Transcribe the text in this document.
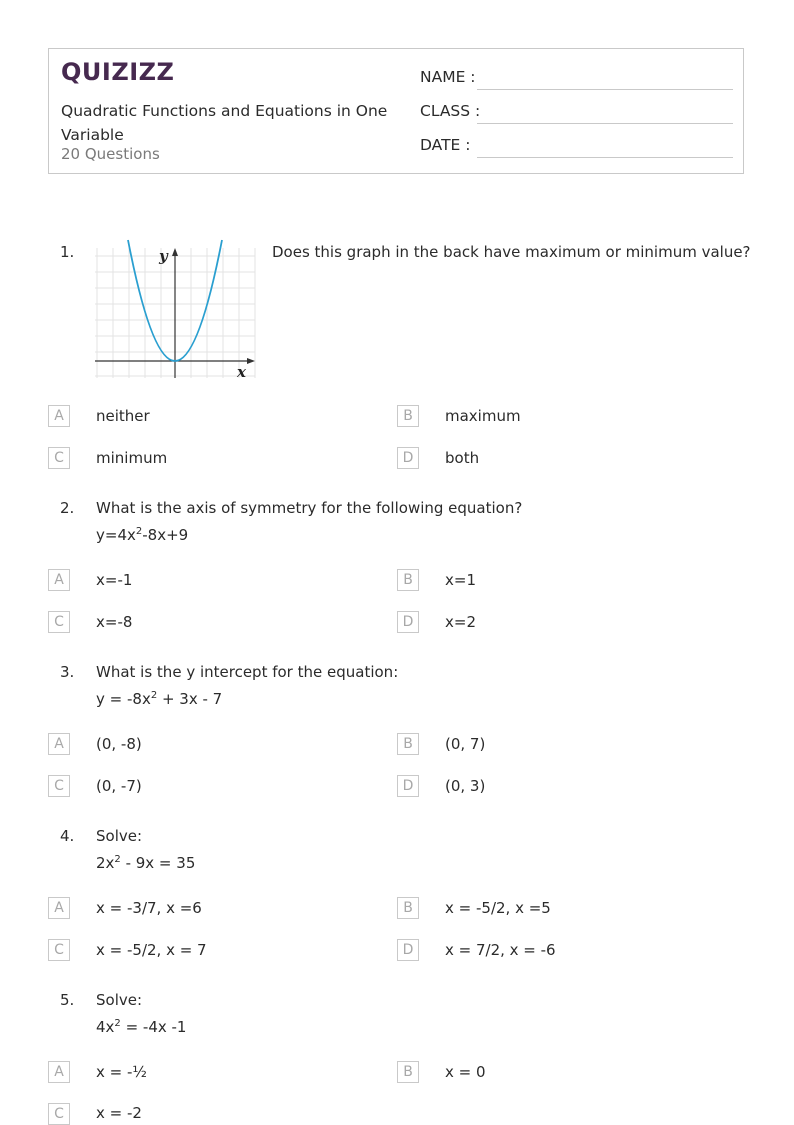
QUIZIZZ
Quadratic Functions and Equations in One Variable
20 Questions
NAME :
CLASS :
DATE :
1.	y
x
Does this graph in the back have maximum or minimum value?
A	neither	B	maximum
C	minimum	D	both
2. What is the axis of symmetry for the following equation?
$y=4x^2-8x+9$
A	x=-1	B	x=1
C	x=-8	D	x=2
3. What is the y intercept for the equation:
$y = -8x^2 + 3x - 7$
A	(0, -8)	B	(0, 7)
C	(0, -7)	D	(0, 3)
4. Solve:
$2x^2 - 9x = 35$
A	x = -3/7, x =6	B	x = -5/2, x =5
C	x = -5/2, x = 7	D	x = 7/2, x = -6
5. Solve:
$4x^2 = -4x$ -1
A	x = -½	B	x = 0
C	x = -2
